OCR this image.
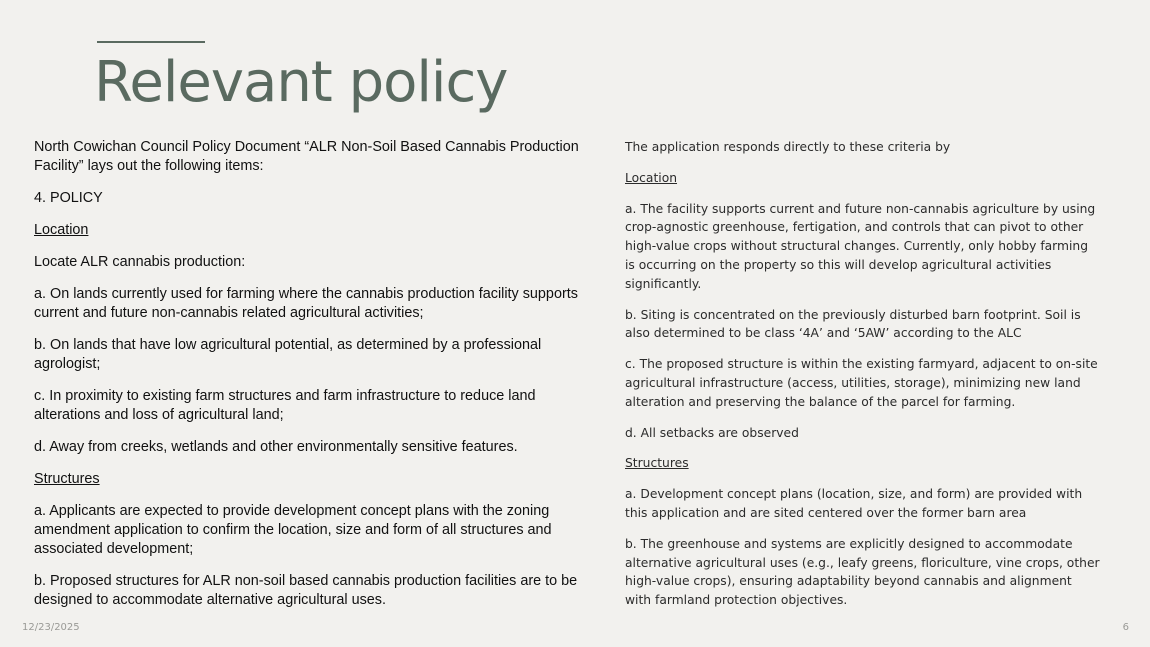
Relevant policy

North Cowichan Council Policy Document “ALR Non-Soil Based Cannabis Production Facility” lays out the following items:

4. POLICY

Location

Locate ALR cannabis production:

a. On lands currently used for farming where the cannabis production facility supports current and future non-cannabis related agricultural activities;

b. On lands that have low agricultural potential, as determined by a professional agrologist;

c. In proximity to existing farm structures and farm infrastructure to reduce land alterations and loss of agricultural land;

d. Away from creeks, wetlands and other environmentally sensitive features.

Structures

a. Applicants are expected to provide development concept plans with the zoning amendment application to confirm the location, size and form of all structures and associated development;

b. Proposed structures for ALR non-soil based cannabis production facilities are to be designed to accommodate alternative agricultural uses.

The application responds directly to these criteria by

Location

a. The facility supports current and future non-cannabis agriculture by using crop-agnostic greenhouse, fertigation, and controls that can pivot to other high-value crops without structural changes. Currently, only hobby farming is occurring on the property so this will develop agricultural activities significantly.

b. Siting is concentrated on the previously disturbed barn footprint. Soil is also determined to be class ‘4A’ and ‘5AW’ according to the ALC

c. The proposed structure is within the existing farmyard, adjacent to on-site agricultural infrastructure (access, utilities, storage), minimizing new land alteration and preserving the balance of the parcel for farming.

d. All setbacks are observed

Structures

a. Development concept plans (location, size, and form) are provided with this application and are sited centered over the former barn area

b. The greenhouse and systems are explicitly designed to accommodate alternative agricultural uses (e.g., leafy greens, floriculture, vine crops, other high-value crops), ensuring adaptability beyond cannabis and alignment with farmland protection objectives.

12/23/2025	6
